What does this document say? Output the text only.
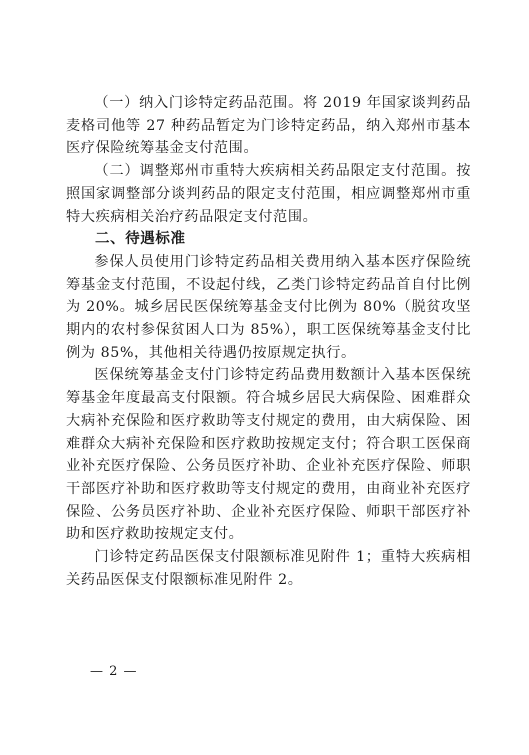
（一）纳入门诊特定药品范围。将 2019 年国家谈判药品麦格司他等 27 种药品暂定为门诊特定药品，纳入郑州市基本医疗保险统筹基金支付范围。

（二）调整郑州市重特大疾病相关药品限定支付范围。按照国家调整部分谈判药品的限定支付范围，相应调整郑州市重特大疾病相关治疗药品限定支付范围。

二、待遇标准

参保人员使用门诊特定药品相关费用纳入基本医疗保险统筹基金支付范围，不设起付线，乙类门诊特定药品首自付比例为 20%。城乡居民医保统筹基金支付比例为 80%（脱贫攻坚期内的农村参保贫困人口为 85%），职工医保统筹基金支付比例为 85%，其他相关待遇仍按原规定执行。

医保统筹基金支付门诊特定药品费用数额计入基本医保统筹基金年度最高支付限额。符合城乡居民大病保险、困难群众大病补充保险和医疗救助等支付规定的费用，由大病保险、困难群众大病补充保险和医疗救助按规定支付；符合职工医保商业补充医疗保险、公务员医疗补助、企业补充医疗保险、师职干部医疗补助和医疗救助等支付规定的费用，由商业补充医疗保险、公务员医疗补助、企业补充医疗保险、师职干部医疗补助和医疗救助按规定支付。

门诊特定药品医保支付限额标准见附件 1；重特大疾病相关药品医保支付限额标准见附件 2。

— 2 —
